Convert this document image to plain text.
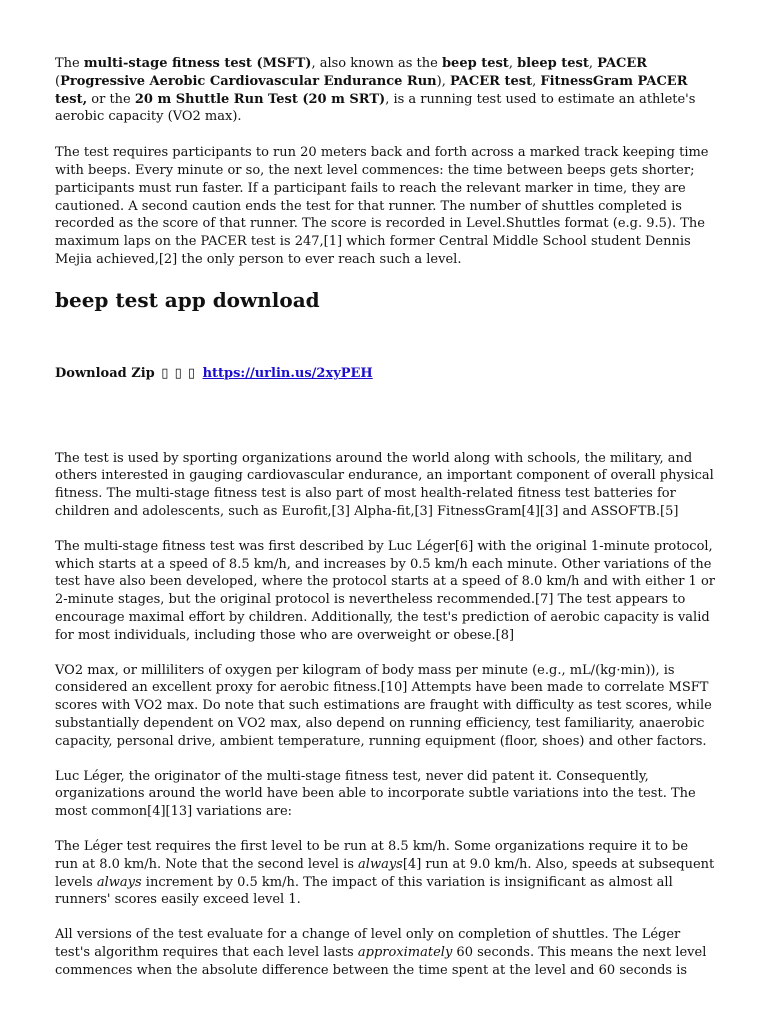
The multi-stage fitness test (MSFT), also known as the beep test, bleep test, PACER (Progressive Aerobic Cardiovascular Endurance Run), PACER test, FitnessGram PACER test, or the 20 m Shuttle Run Test (20 m SRT), is a running test used to estimate an athlete's aerobic capacity (VO2 max).

The test requires participants to run 20 meters back and forth across a marked track keeping time with beeps. Every minute or so, the next level commences: the time between beeps gets shorter; participants must run faster. If a participant fails to reach the relevant marker in time, they are cautioned. A second caution ends the test for that runner. The number of shuttles completed is recorded as the score of that runner. The score is recorded in Level.Shuttles format (e.g. 9.5). The maximum laps on the PACER test is 247,[1] which former Central Middle School student Dennis Mejia achieved,[2] the only person to ever reach such a level.

beep test app download
Download Zip ▯ ▯ ▯ https://urlin.us/2xyPEH

The test is used by sporting organizations around the world along with schools, the military, and others interested in gauging cardiovascular endurance, an important component of overall physical fitness. The multi-stage fitness test is also part of most health-related fitness test batteries for children and adolescents, such as Eurofit,[3] Alpha-fit,[3] FitnessGram[4][3] and ASSOFTB.[5]

The multi-stage fitness test was first described by Luc Léger[6] with the original 1-minute protocol, which starts at a speed of 8.5 km/h, and increases by 0.5 km/h each minute. Other variations of the test have also been developed, where the protocol starts at a speed of 8.0 km/h and with either 1 or 2-minute stages, but the original protocol is nevertheless recommended.[7] The test appears to encourage maximal effort by children. Additionally, the test's prediction of aerobic capacity is valid for most individuals, including those who are overweight or obese.[8]

VO2 max, or milliliters of oxygen per kilogram of body mass per minute (e.g., mL/(kg·min)), is considered an excellent proxy for aerobic fitness.[10] Attempts have been made to correlate MSFT scores with VO2 max. Do note that such estimations are fraught with difficulty as test scores, while substantially dependent on VO2 max, also depend on running efficiency, test familiarity, anaerobic capacity, personal drive, ambient temperature, running equipment (floor, shoes) and other factors.

Luc Léger, the originator of the multi-stage fitness test, never did patent it. Consequently, organizations around the world have been able to incorporate subtle variations into the test. The most common[4][13] variations are:

The Léger test requires the first level to be run at 8.5 km/h. Some organizations require it to be run at 8.0 km/h. Note that the second level is always[4] run at 9.0 km/h. Also, speeds at subsequent levels always increment by 0.5 km/h. The impact of this variation is insignificant as almost all runners' scores easily exceed level 1.

All versions of the test evaluate for a change of level only on completion of shuttles. The Léger test's algorithm requires that each level lasts approximately 60 seconds. This means the next level commences when the absolute difference between the time spent at the level and 60 seconds is
